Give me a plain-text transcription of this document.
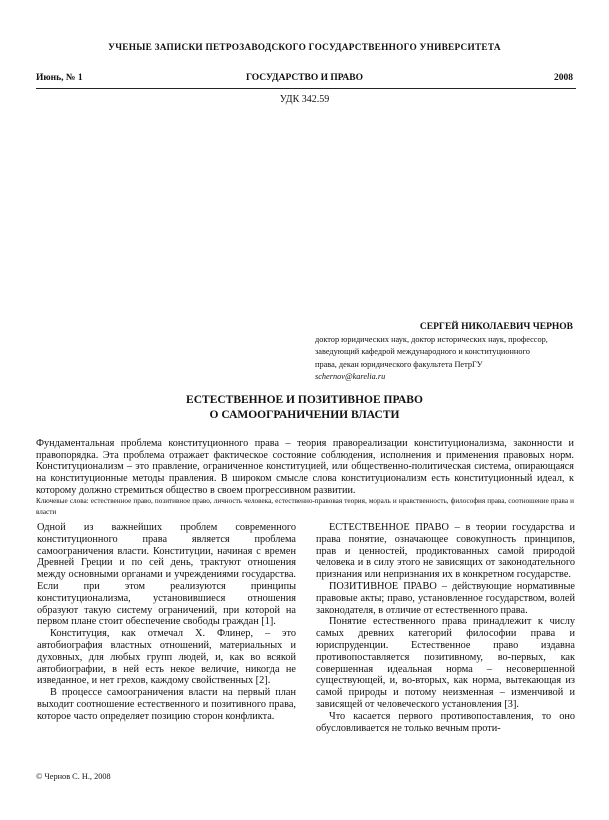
УЧЕНЫЕ ЗАПИСКИ ПЕТРОЗАВОДСКОГО ГОСУДАРСТВЕННОГО УНИВЕРСИТЕТА
Июнь, № 1	ГОСУДАРСТВО И ПРАВО	2008
УДК 342.59
СЕРГЕЙ НИКОЛАЕВИЧ ЧЕРНОВ
доктор юридических наук, доктор исторических наук, профессор,
заведующий кафедрой международного и конституционного
права, декан юридического факультета ПетрГУ
schernov@karelia.ru
ЕСТЕСТВЕННОЕ И ПОЗИТИВНОЕ ПРАВО
О САМООГРАНИЧЕНИИ ВЛАСТИ
Фундаментальная проблема конституционного права – теория правореализации конституционализма, законности и правопорядка. Эта проблема отражает фактическое состояние соблюдения, исполнения и применения правовых норм. Конституционализм – это правление, ограниченное конституцией, или общественно-политическая система, опирающаяся на конституционные методы правления. В широком смысле слова конституционализм есть конституционный идеал, к которому должно стремиться общество в своем прогрессивном развитии.
Ключевые слова: естественное право, позитивное право, личность человека, естественно-правовая теория, мораль и нравственность, философия права, соотношение права и власти

Одной из важнейших проблем современного конституционного права является проблема самоограничения власти. Конституции, начиная с времен Древней Греции и по сей день, трактуют отношения между основными органами и учреждениями государства. Если при этом реализуются принципы конституционализма, установившиеся отношения образуют такую систему ограничений, при которой на первом плане стоит обеспечение свободы граждан [1].

Конституция, как отмечал Х. Флинер, – это автобиография властных отношений, материальных и духовных, для любых групп людей, и, как во всякой автобиографии, в ней есть некое величие, никогда не изведанное, и нет грехов, каждому свойственных [2].

В процессе самоограничения власти на первый план выходит соотношение естественного и позитивного права, которое часто определяет позицию сторон конфликта.

ЕСТЕСТВЕННОЕ ПРАВО – в теории государства и права понятие, означающее совокупность принципов, прав и ценностей, продиктованных самой природой человека и в силу этого не зависящих от законодательного признания или непризнания их в конкретном государстве.

ПОЗИТИВНОЕ ПРАВО – действующие нормативные правовые акты; право, установленное государством, волей законодателя, в отличие от естественного права.

Понятие естественного права принадлежит к числу самых древних категорий философии права и юриспруденции. Естественное право издавна противопоставляется позитивному, во-первых, как совершенная идеальная норма – несовершенной существующей, и, во-вторых, как норма, вытекающая из самой природы и потому неизменная – изменчивой и зависящей от человеческого установления [3].

Что касается первого противопоставления, то оно обусловливается не только вечным проти-

© Чернов С. Н., 2008
